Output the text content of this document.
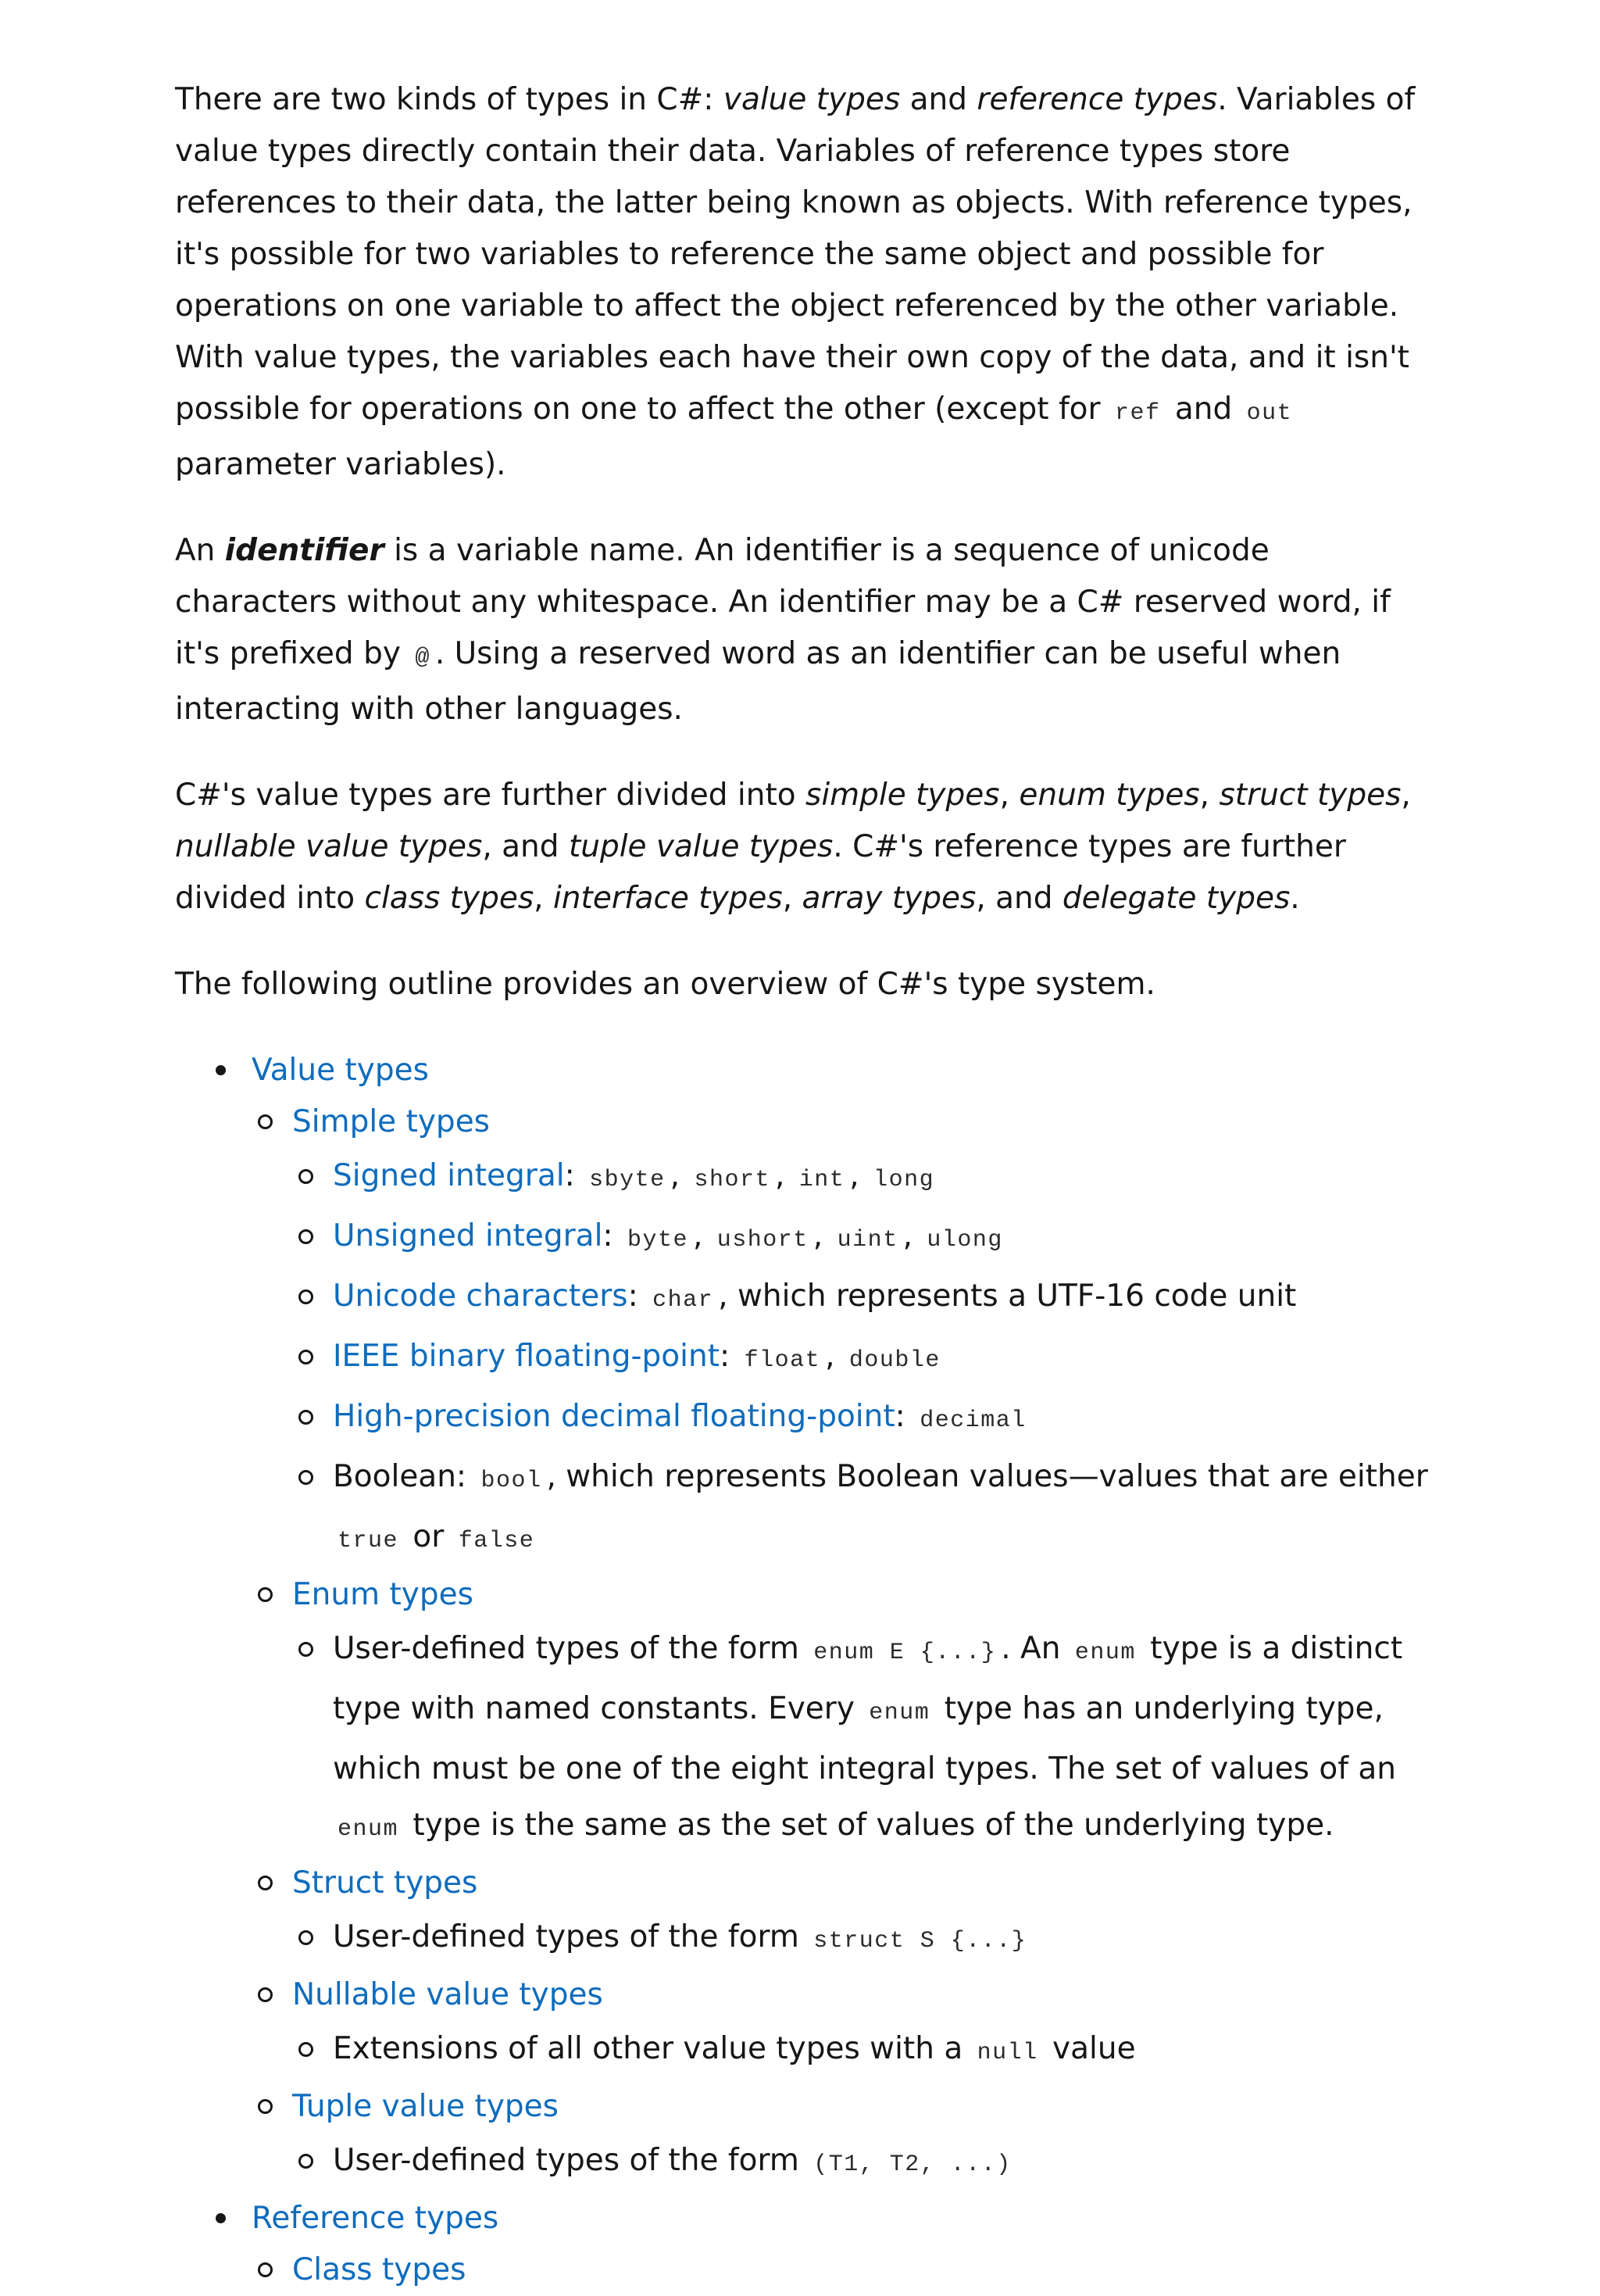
There are two kinds of types in C#: value types and reference types. Variables of value types directly contain their data. Variables of reference types store references to their data, the latter being known as objects. With reference types, it's possible for two variables to reference the same object and possible for operations on one variable to affect the object referenced by the other variable. With value types, the variables each have their own copy of the data, and it isn't possible for operations on one to affect the other (except for ref and out parameter variables).

An identifier is a variable name. An identifier is a sequence of unicode characters without any whitespace. An identifier may be a C# reserved word, if it's prefixed by @ . Using a reserved word as an identifier can be useful when interacting with other languages.

C#'s value types are further divided into simple types, enum types, struct types, nullable value types, and tuple value types. C#'s reference types are further divided into class types, interface types, array types, and delegate types.

The following outline provides an overview of C#'s type system.

Value types
Simple types
Signed integral: sbyte , short , int , long
Unsigned integral: byte , ushort , uint , ulong
Unicode characters: char , which represents a UTF-16 code unit
IEEE binary floating-point: float , double
High-precision decimal floating-point: decimal
Boolean: bool , which represents Boolean values—values that are either true or false
Enum types
User-defined types of the form enum E {...} . An enum type is a distinct type with named constants. Every enum type has an underlying type, which must be one of the eight integral types. The set of values of an enum type is the same as the set of values of the underlying type.
Struct types
User-defined types of the form struct S {...}
Nullable value types
Extensions of all other value types with a null value
Tuple value types
User-defined types of the form (T1, T2, ...)
Reference types
Class types
